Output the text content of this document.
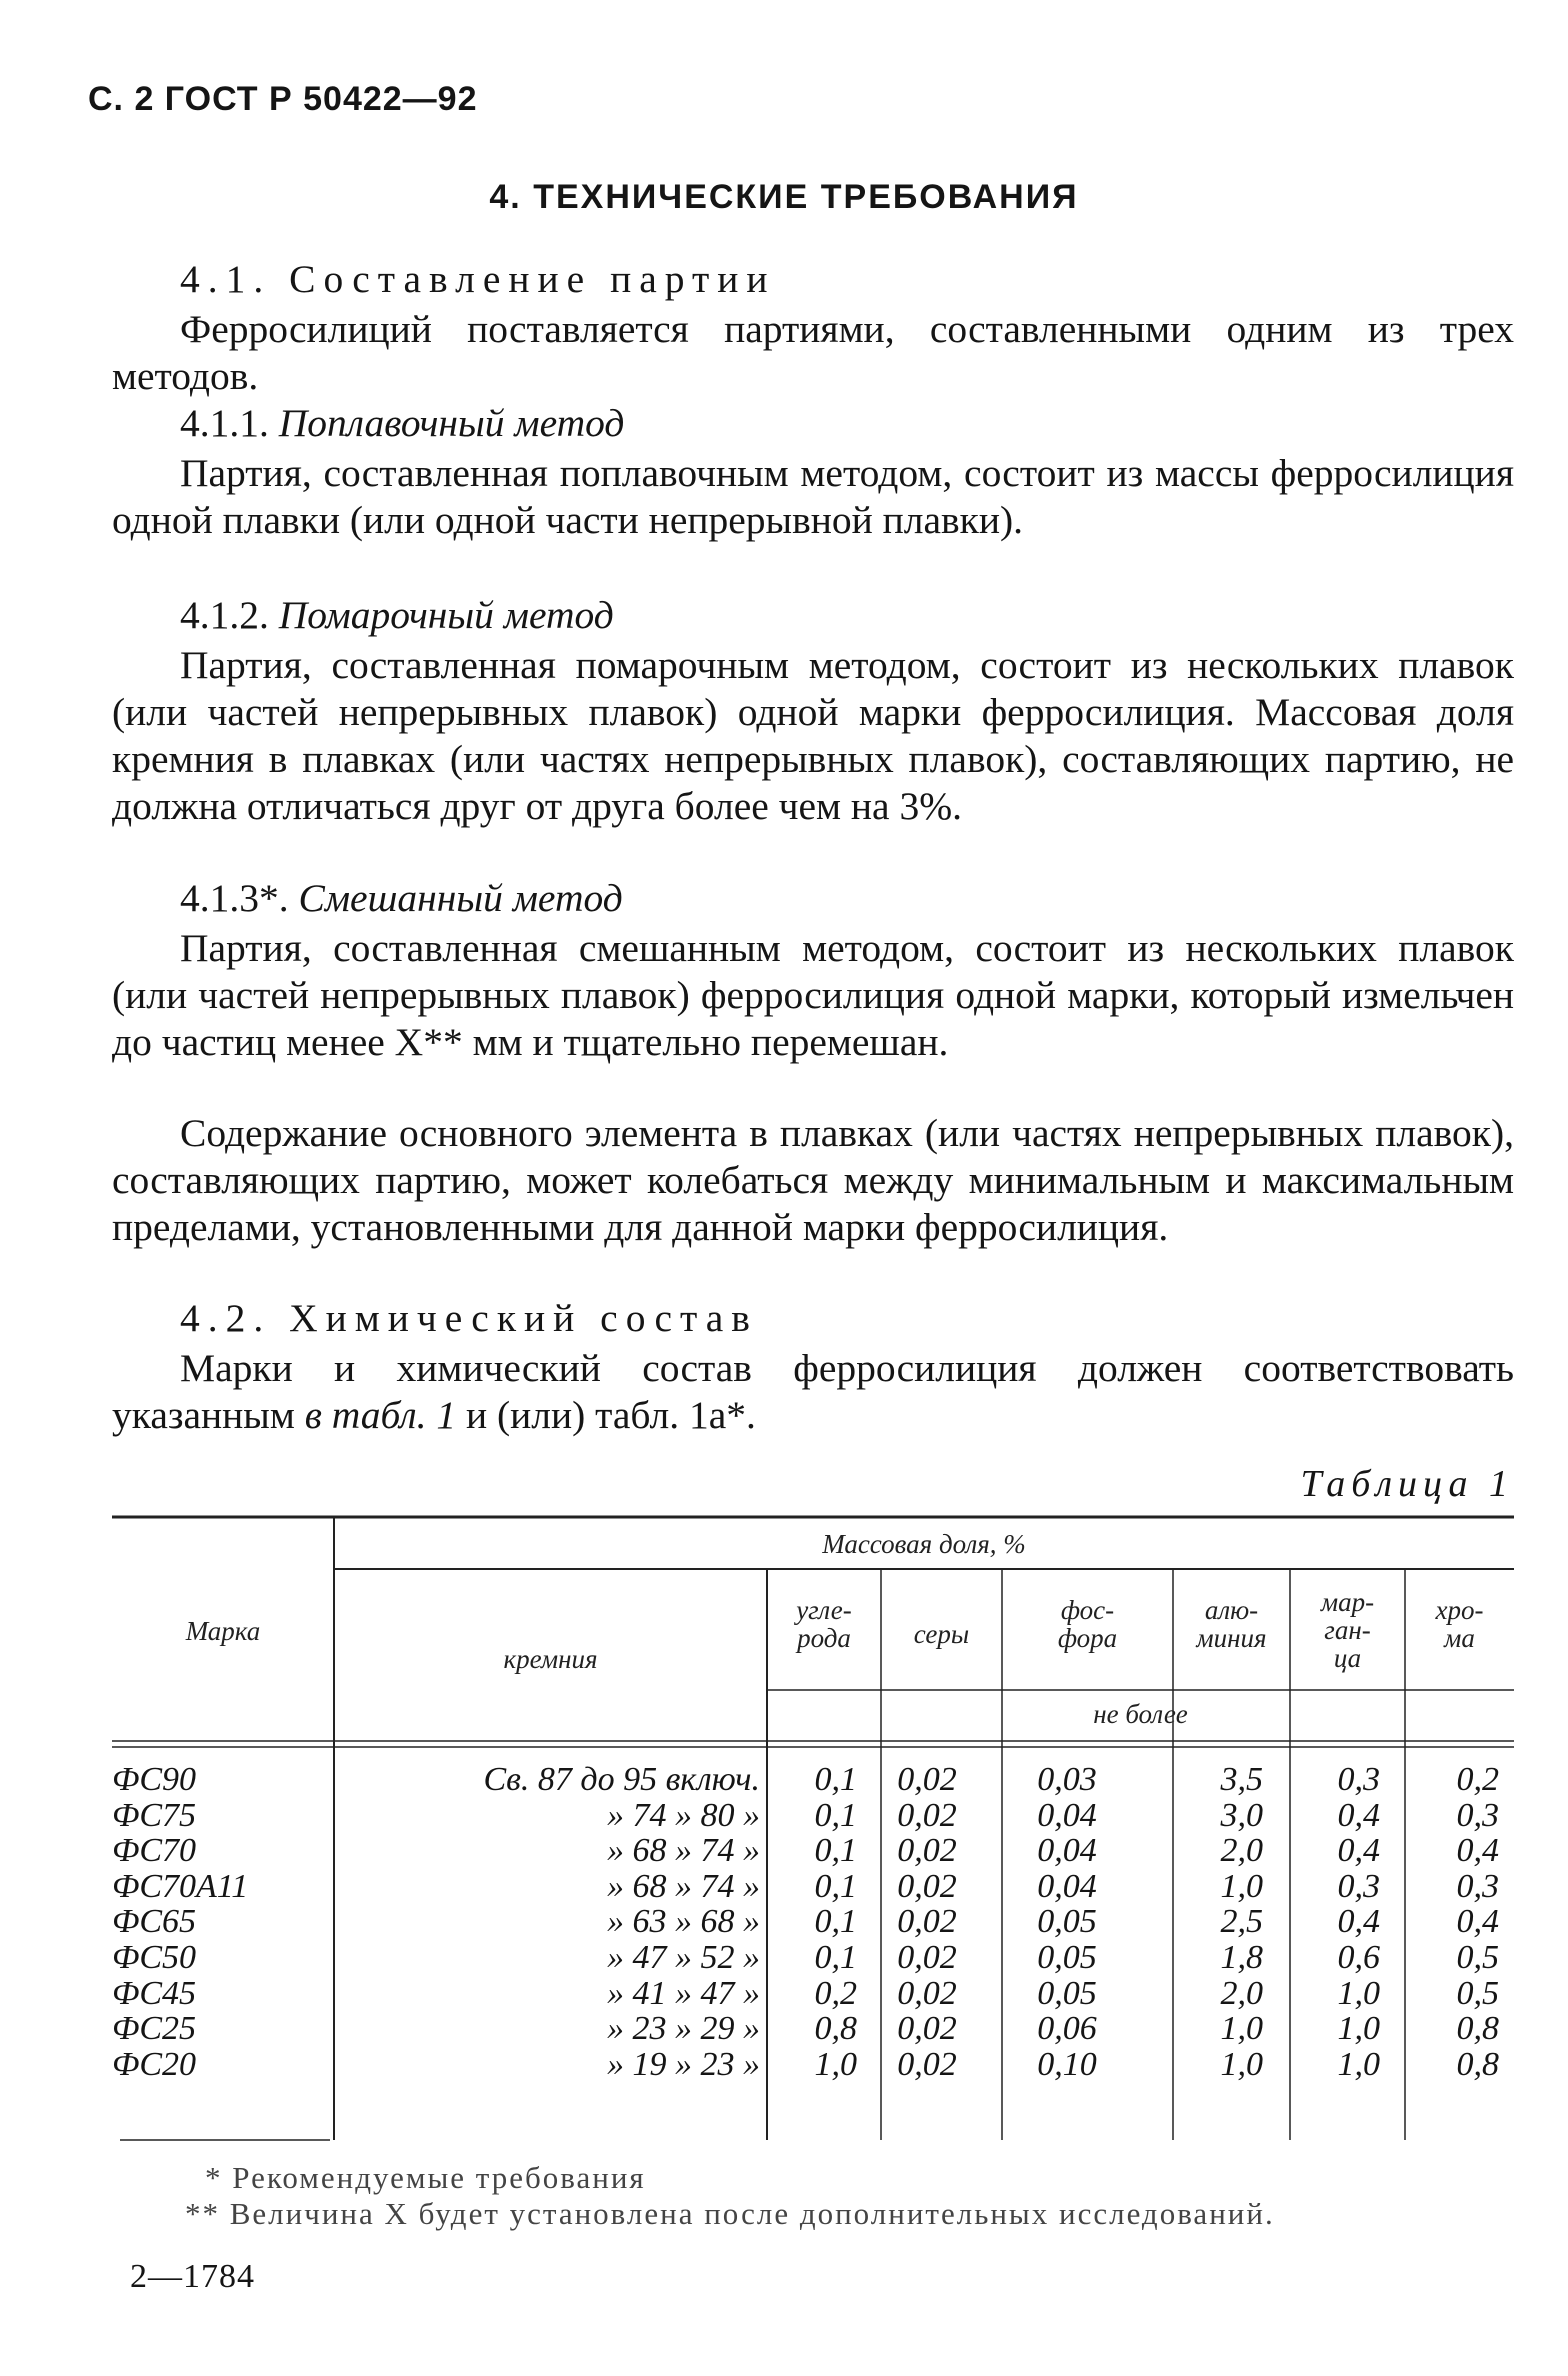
С. 2 ГОСТ Р 50422—92
4. ТЕХНИЧЕСКИЕ ТРЕБОВАНИЯ
4.1. Составление партии

Ферросилиций поставляется партиями, составленными одним из трех методов.

4.1.1. Поплавочный метод

Партия, составленная поплавочным методом, состоит из массы ферросилиция одной плавки (или одной части непрерывной плавки).

4.1.2. Помарочный метод

Партия, составленная помарочным методом, состоит из нескольких плавок (или частей непрерывных плавок) одной марки ферросилиция. Массовая доля кремния в плавках (или частях непрерывных плавок), составляющих партию, не должна отличаться друг от друга более чем на 3%.

4.1.3*. Смешанный метод

Партия, составленная смешанным методом, состоит из нескольких плавок (или частей непрерывных плавок) ферросилиция одной марки, который измельчен до частиц менее X** мм и тщательно перемешан.

Содержание основного элемента в плавках (или частях непрерывных плавок), составляющих партию, может колебаться между минимальным и максимальным пределами, установленными для данной марки ферросилиция.

4.2. Химический состав

Марки и химический состав ферросилиция должен соответствовать указанным в табл. 1 и (или) табл. 1а*.

Таблица 1
Марка
Массовая доля, %
кремния
угле-
рода	серы
фос-
фора
алю-
миния
мар-
ган-
ца
хро-
ма
не более
ФС90	Св. 87 до 95 включ.	0,1	0,02	0,03	3,5	0,3	0,2
ФС75	» 74 » 80 »	0,1	0,02	0,04	3,0	0,4	0,3
ФС70	» 68 » 74 »	0,1	0,02	0,04	2,0	0,4	0,4
ФС70А11	» 68 » 74 »	0,1	0,02	0,04	1,0	0,3	0,3
ФС65	» 63 » 68 »	0,1	0,02	0,05	2,5	0,4	0,4
ФС50	» 47 » 52 »	0,1	0,02	0,05	1,8	0,6	0,5
ФС45	» 41 » 47 »	0,2	0,02	0,05	2,0	1,0	0,5
ФС25	» 23 » 29 »	0,8	0,02	0,06	1,0	1,0	0,8
ФС20	» 19 » 23 »	1,0	0,02	0,10	1,0	1,0	0,8
* Рекомендуемые требования
** Величина X будет установлена после дополнительных исследований.
2—1784
